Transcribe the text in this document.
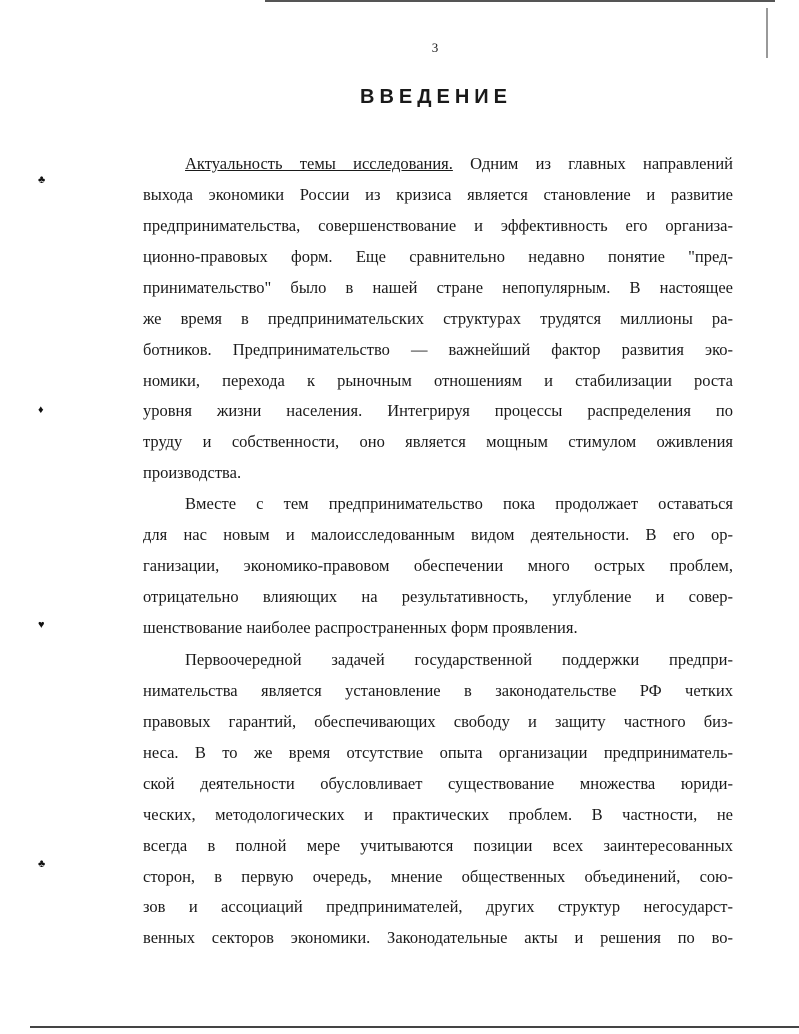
♣
♦
♥
♣
3
ВВЕДЕНИЕ
Актуальность темы исследования. Одним из главных направлений
выхода экономики России из кризиса является становление и развитие
предпринимательства, совершенствование и эффективность его организа-
ционно-правовых форм. Еще сравнительно недавно понятие "пред-
принимательство" было в нашей стране непопулярным. В настоящее
же время в предпринимательских структурах трудятся миллионы ра-
ботников. Предпринимательство — важнейший фактор развития эко-
номики, перехода к рыночным отношениям и стабилизации роста
уровня жизни населения. Интегрируя процессы распределения по
труду и собственности, оно является мощным стимулом оживления
производства.
Вместе с тем предпринимательство пока продолжает оставаться
для нас новым и малоисследованным видом деятельности. В его ор-
ганизации, экономико-правовом обеспечении много острых проблем,
отрицательно влияющих на результативность, углубление и совер-
шенствование наиболее распространенных форм проявления.
Первоочередной задачей государственной поддержки предпри-
нимательства является установление в законодательстве РФ четких
правовых гарантий, обеспечивающих свободу и защиту частного биз-
неса. В то же время отсутствие опыта организации предприниматель-
ской деятельности обусловливает существование множества юриди-
ческих, методологических и практических проблем. В частности, не
всегда в полной мере учитываются позиции всех заинтересованных
сторон, в первую очередь, мнение общественных объединений, сою-
зов и ассоциаций предпринимателей, других структур негосударст-
венных секторов экономики. Законодательные акты и решения по во-
